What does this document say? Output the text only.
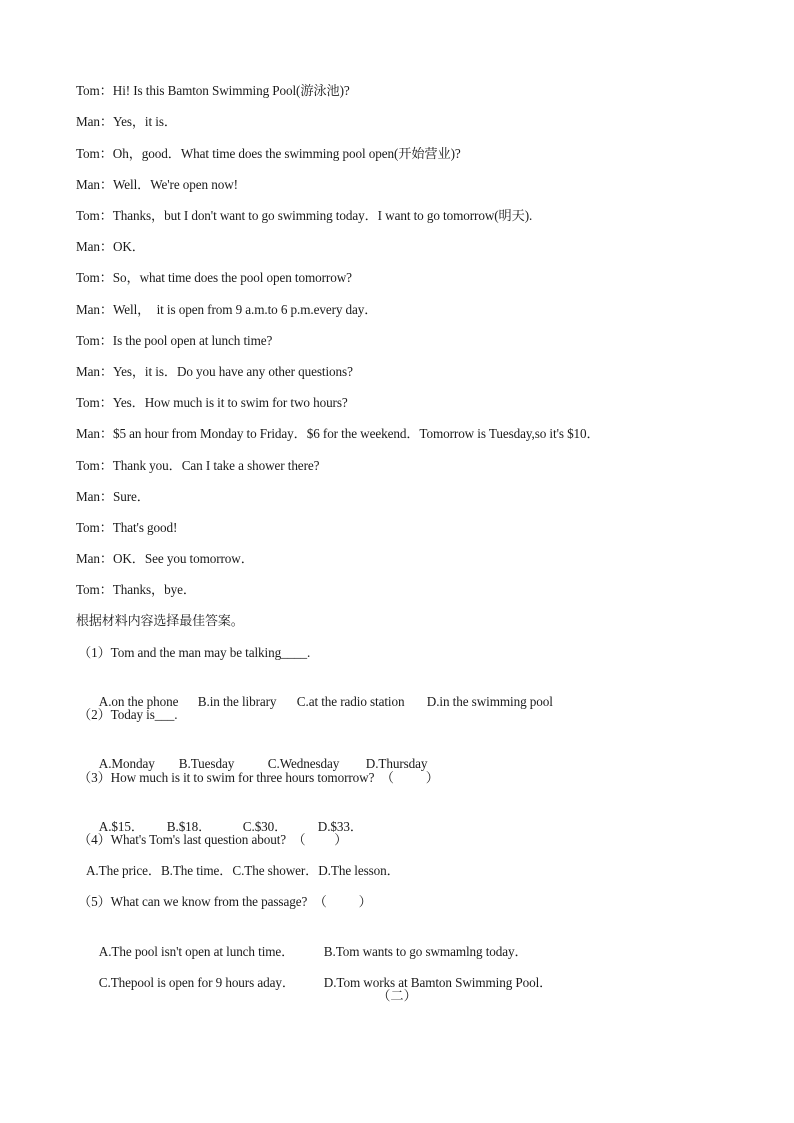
Tom：Hi! Is this Bamton Swimming Pool(游泳池)?
Man：Yes，it is．
Tom：Oh，good．What time does the swimming pool open(开始营业)?
Man：Well．We're open now!
Tom：Thanks，but I don't want to go swimming today．I want to go tomorrow(明天).
Man：OK．
Tom：So，what time does the pool open tomorrow?
Man：Well，  it is open from 9 a.m.to 6 p.m.every day．
Tom：Is the pool open at lunch time?
Man：Yes，it is．Do you have any other questions?
Tom：Yes．How much is it to swim for two hours?
Man：$5 an hour from Monday to Friday．$6 for the weekend．Tomorrow is Tuesday,so it's $10．
Tom：Thank you．Can I take a shower there?
Man：Sure．
Tom：That's good!
Man：OK．See you tomorrow．
Tom：Thanks，bye．
根据材料内容选择最佳答案。
（1）Tom and the man may be talking____.

A.on the phone B.in the library C.at the radio station D.in the swimming pool

（2）Today is___.

A.Monday B.Tuesday	C.Wednesday D.Thursday

（3）How much is it to swim for three hours tomorrow?  （          ）

A.$15． B.$18． C.$30． D.$33．

（4）What's Tom's last question about?  （         ）
A.The price．B.The time．C.The shower．D.The lesson．
（5）What can we know from the passage?  （          ）

A.The pool isn't open at lunch time． B.Tom wants to go swmamlng today．

C.Thepool is open for 9 hours aday． D.Tom works at Bamton Swimming Pool．

（二）
